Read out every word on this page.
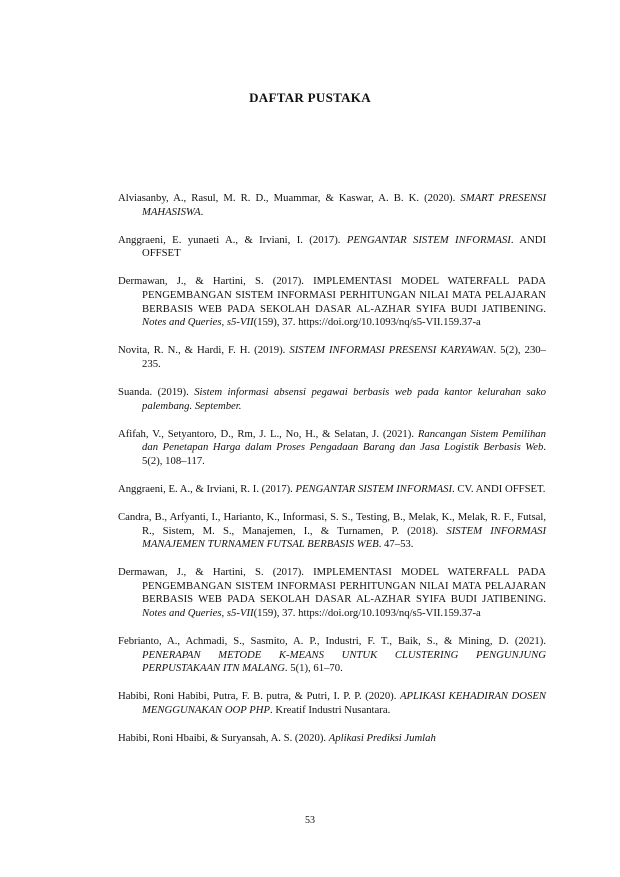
DAFTAR PUSTAKA

Alviasanby, A., Rasul, M. R. D., Muammar, & Kaswar, A. B. K. (2020). SMART PRESENSI MAHASISWA.

Anggraeni, E. yunaeti A., & Irviani, I. (2017). PENGANTAR SISTEM INFORMASI. ANDI OFFSET

Dermawan, J., & Hartini, S. (2017). IMPLEMENTASI MODEL WATERFALL PADA PENGEMBANGAN SISTEM INFORMASI PERHITUNGAN NILAI MATA PELAJARAN BERBASIS WEB PADA SEKOLAH DASAR AL-AZHAR SYIFA BUDI JATIBENING. Notes and Queries, s5-VII(159), 37. https://doi.org/10.1093/nq/s5-VII.159.37-a

Novita, R. N., & Hardi, F. H. (2019). SISTEM INFORMASI PRESENSI KARYAWAN. 5(2), 230–235.

Suanda. (2019). Sistem informasi absensi pegawai berbasis web pada kantor kelurahan sako palembang. September.

Afifah, V., Setyantoro, D., Rm, J. L., No, H., & Selatan, J. (2021). Rancangan Sistem Pemilihan dan Penetapan Harga dalam Proses Pengadaan Barang dan Jasa Logistik Berbasis Web. 5(2), 108–117.

Anggraeni, E. A., & Irviani, R. I. (2017). PENGANTAR SISTEM INFORMASI. CV. ANDI OFFSET.

Candra, B., Arfyanti, I., Harianto, K., Informasi, S. S., Testing, B., Melak, K., Melak, R. F., Futsal, R., Sistem, M. S., Manajemen, I., & Turnamen, P. (2018). SISTEM INFORMASI MANAJEMEN TURNAMEN FUTSAL BERBASIS WEB. 47–53.

Dermawan, J., & Hartini, S. (2017). IMPLEMENTASI MODEL WATERFALL PADA PENGEMBANGAN SISTEM INFORMASI PERHITUNGAN NILAI MATA PELAJARAN BERBASIS WEB PADA SEKOLAH DASAR AL-AZHAR SYIFA BUDI JATIBENING. Notes and Queries, s5-VII(159), 37. https://doi.org/10.1093/nq/s5-VII.159.37-a

Febrianto, A., Achmadi, S., Sasmito, A. P., Industri, F. T., Baik, S., & Mining, D. (2021). PENERAPAN METODE K-MEANS UNTUK CLUSTERING PENGUNJUNG PERPUSTAKAAN ITN MALANG. 5(1), 61–70.

Habibi, Roni Habibi, Putra, F. B. putra, & Putri, I. P. P. (2020). APLIKASI KEHADIRAN DOSEN MENGGUNAKAN OOP PHP. Kreatif Industri Nusantara.

Habibi, Roni Hbaibi, & Suryansah, A. S. (2020). Aplikasi Prediksi Jumlah

53
